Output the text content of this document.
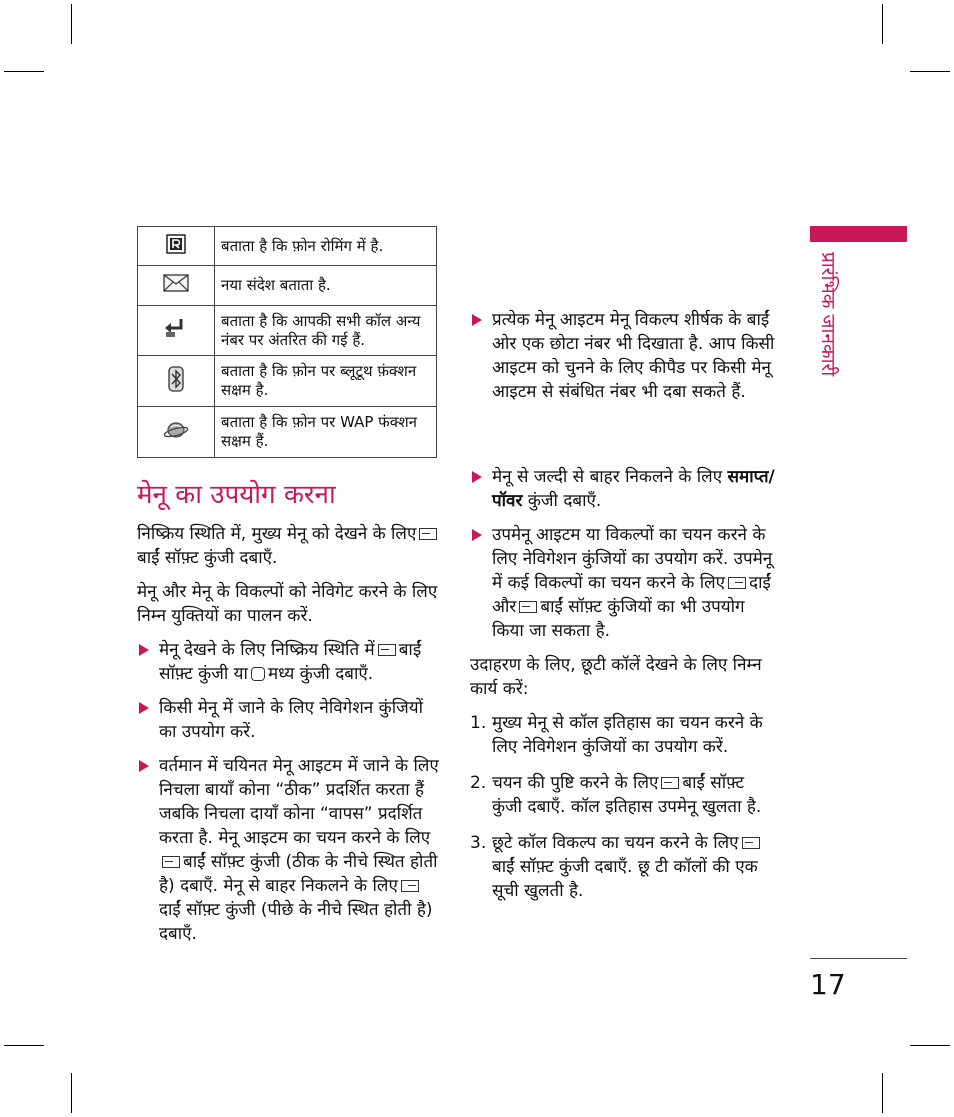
	बताता है कि फ़ोन रोमिंग में है.
	नया संदेश बताता है.
	बताता है कि आपकी सभी कॉल अन्य नंबर पर अंतरित की गई हैं.
	बताता है कि फ़ोन पर ब्लूटूथ फ़ंक्शन सक्षम है.
	बताता है कि फ़ोन पर WAP फंक्शन सक्षम हैं.
मेनू का उपयोग करना

निष्क्रिय स्थिति में, मुख्य मेनू को देखने के लिएबाईं सॉफ़्ट कुंजी दबाएँ.

मेनू और मेनू के विकल्पों को नेविगेट करने के लिए निम्न युक्तियों का पालन करें.

मेनू देखने के लिए निष्क्रिय स्थिति में बाईं सॉफ़्ट कुंजी या मध्य कुंजी दबाएँ.
किसी मेनू में जाने के लिए नेविगेशन कुंजियों का उपयोग करें.
वर्तमान में चयिनत मेनू आइटम में जाने के लिए निचला बायाँ कोना “ठीक” प्रदर्शित करता हैं जबकि निचला दायाँ कोना “वापस” प्रदर्शित करता है. मेनू आइटम का चयन करने के लिएबाईं सॉफ़्ट कुंजी (ठीक के नीचे स्थित होती है) दबाएँ. मेनू से बाहर निकलने के लिएदाईं सॉफ़्ट कुंजी (पीछे के नीचे स्थित होती है) दबाएँ.
मेनू से जल्दी से बाहर निकलने के लिए समाप्त/पॉवर कुंजी दबाएँ.
उपमेनू आइटम या विकल्पों का चयन करने के लिए नेविगेशन कुंजियों का उपयोग करें. उपमेनू में कई विकल्पों का चयन करने के लिए दाईं और बाईं सॉफ़्ट कुंजियों का भी उपयोग किया जा सकता है.

उदाहरण के लिए, छूटी कॉलें देखने के लिए निम्न कार्य करें:

1. मुख्य मेनू से कॉल इतिहास का चयन करने के लिए नेविगेशन कुंजियों का उपयोग करें.
2. चयन की पुष्टि करने के लिए बाईं सॉफ़्ट कुंजी दबाएँ. कॉल इतिहास उपमेनू खुलता है.
3. छूटे कॉल विकल्प का चयन करने के लिएबाईं सॉफ़्ट कुंजी दबाएँ. छू टी कॉलों की एक सूची खुलती है.
प्रत्येक मेनू आइटम मेनू विकल्प शीर्षक के बाईं ओर एक छोटा नंबर भी दिखाता है. आप किसी आइटम को चुनने के लिए कीपैड पर किसी मेनू आइटम से संबंधित नंबर भी दबा सकते हैं.
प्रारंभिक जानकारी
17
